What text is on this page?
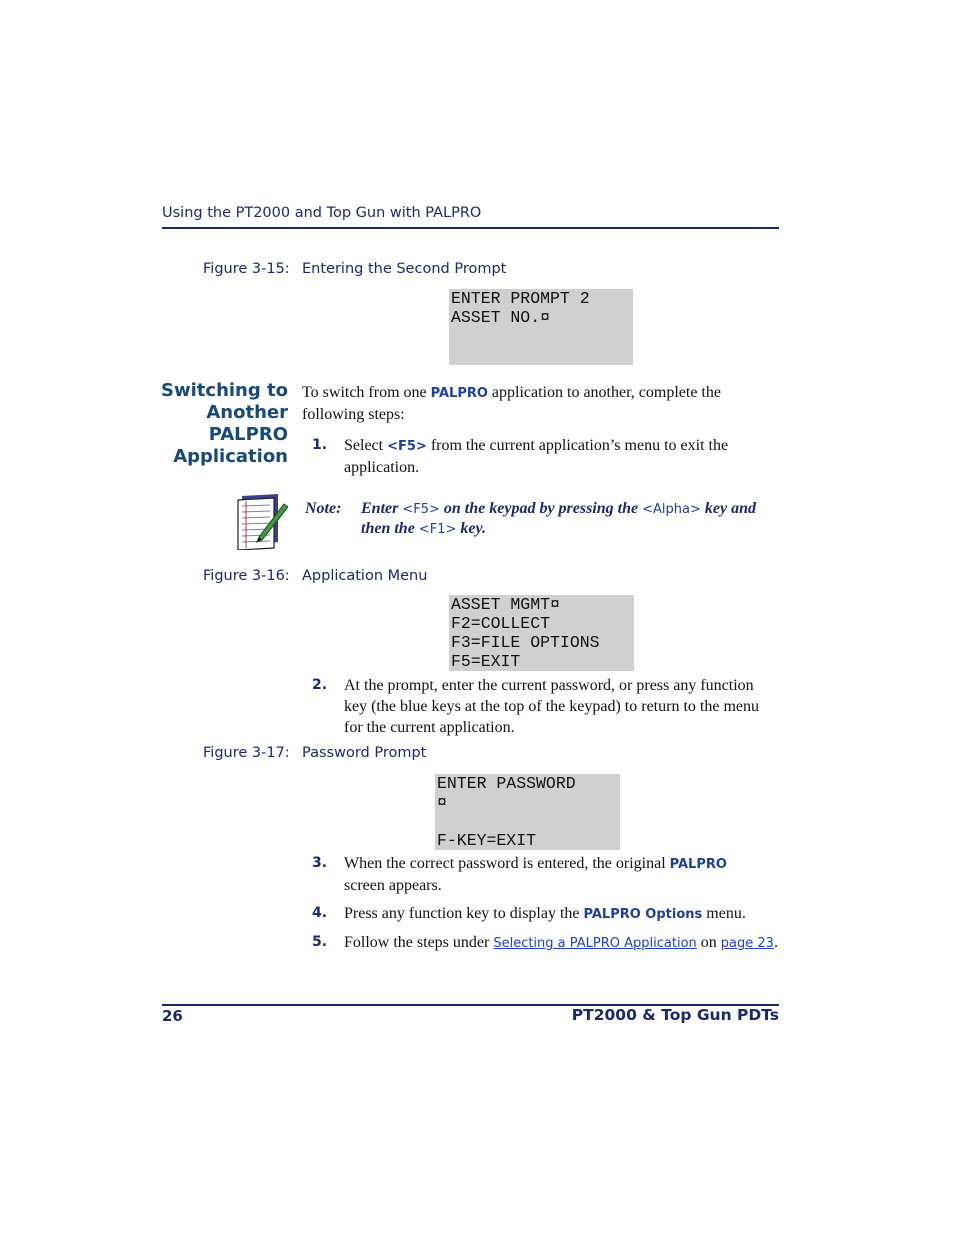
Using the PT2000 and Top Gun with PALPRO
Figure 3-15: Entering the Second Prompt
ENTER PROMPT 2
ASSET NO.¤
Switching to
Another
PALPRO
Application
To switch from one PALPRO application to another, complete the
following steps:
1. Select <F5> from the current application’s menu to exit the
application.
Note: Enter <F5> on the keypad by pressing the <Alpha> key and
then the <F1> key.
Figure 3-16: Application Menu
ASSET MGMT¤
F2=COLLECT
F3=FILE OPTIONS
F5=EXIT
2. At the prompt, enter the current password, or press any function
key (the blue keys at the top of the keypad) to return to the menu
for the current application.
Figure 3-17: Password Prompt
ENTER PASSWORD
¤
F-KEY=EXIT
3. When the correct password is entered, the original PALPRO
screen appears.
4. Press any function key to display the PALPRO Options menu.
5. Follow the steps under Selecting a PALPRO Application on page 23.
26	PT2000 & Top Gun PDTs
